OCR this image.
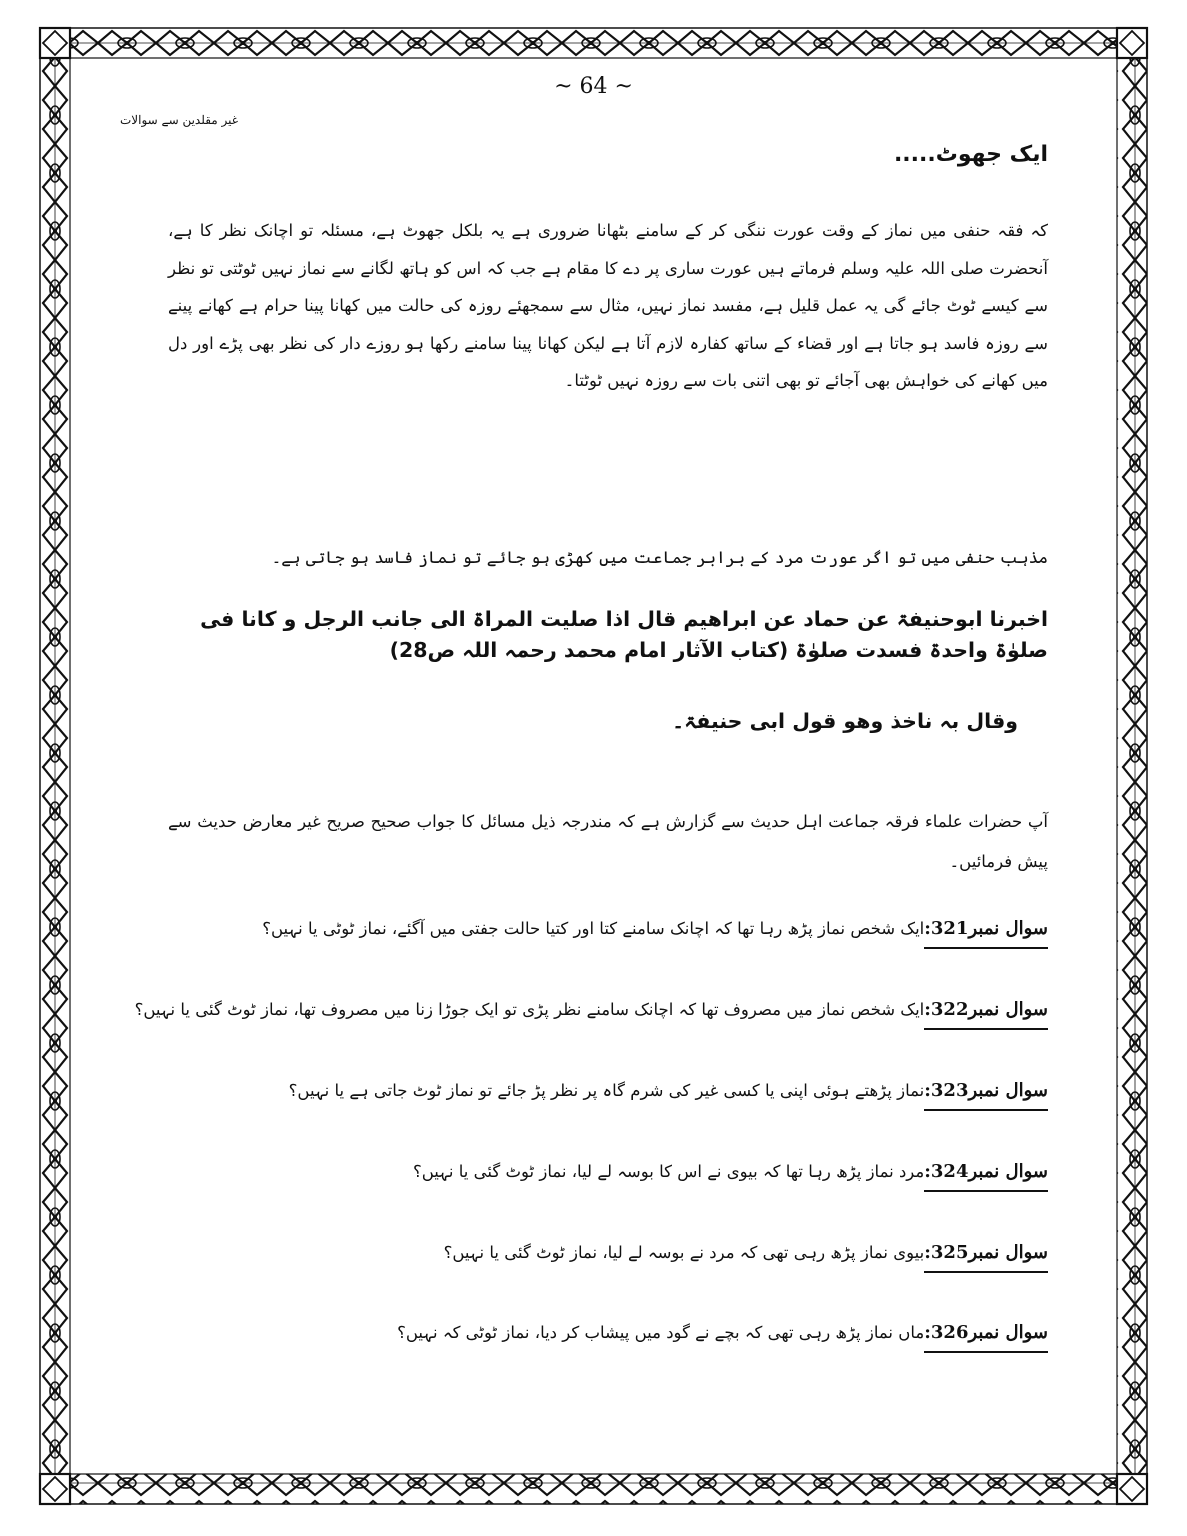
~ 64 ~
غیر مقلدین سے سوالات
ایک جھوٹ.....
کہ فقہ حنفی میں نماز کے وقت عورت ننگی کر کے سامنے بٹھانا ضروری ہے یہ بلکل جھوٹ ہے، مسئلہ تو اچانک نظر کا ہے، آنحضرت صلی اللہ علیہ وسلم فرماتے ہیں عورت ساری پر دے کا مقام ہے جب کہ اس کو ہاتھ لگانے سے نماز نہیں ٹوٹتی تو نظر سے کیسے ٹوٹ جائے گی یہ عمل قلیل ہے، مفسد نماز نہیں، مثال سے سمجھئے روزہ کی حالت میں کھانا پینا حرام ہے کھانے پینے سے روزہ فاسد ہو جاتا ہے اور قضاء کے ساتھ کفارہ لازم آتا ہے لیکن کھانا پینا سامنے رکھا ہو روزے دار کی نظر بھی پڑے اور دل میں کھانے کی خواہش بھی آجائے تو بھی اتنی بات سے روزہ نہیں ٹوٹتا۔
مذہب حنفی میں تو اگر عورت مرد کے برابر جماعت میں کھڑی ہو جائے تو نماز فاسد ہو جاتی ہے۔
اخبرنا ابوحنیفۃ عن حماد عن ابراھیم قال اذا صلیت المراۃ الی جانب الرجل و کانا فی صلوٰۃ واحدۃ فسدت صلوٰۃ (کتاب الآثار امام محمد رحمہ اللہ ص28)
وقال بہ ناخذ وھو قول ابی حنیفۃ۔
آپ حضرات علماء فرقہ جماعت اہل حدیث سے گزارش ہے کہ مندرجہ ذیل مسائل کا جواب صحیح صریح غیر معارض حدیث سے پیش فرمائیں۔
سوال نمبر321:ایک شخص نماز پڑھ رہا تھا کہ اچانک سامنے کتا اور کتیا حالت جفتی میں آگئے، نماز ٹوٹی یا نہیں؟
سوال نمبر322:ایک شخص نماز میں مصروف تھا کہ اچانک سامنے نظر پڑی تو ایک جوڑا زنا میں مصروف تھا، نماز ٹوٹ گئی یا نہیں؟
سوال نمبر323:نماز پڑھتے ہوئی اپنی یا کسی غیر کی شرم گاہ پر نظر پڑ جائے تو نماز ٹوٹ جاتی ہے یا نہیں؟
سوال نمبر324:مرد نماز پڑھ رہا تھا کہ بیوی نے اس کا بوسہ لے لیا، نماز ٹوٹ گئی یا نہیں؟
سوال نمبر325:بیوی نماز پڑھ رہی تھی کہ مرد نے بوسہ لے لیا، نماز ٹوٹ گئی یا نہیں؟
سوال نمبر326:ماں نماز پڑھ رہی تھی کہ بچے نے گود میں پیشاب کر دیا، نماز ٹوٹی کہ نہیں؟
